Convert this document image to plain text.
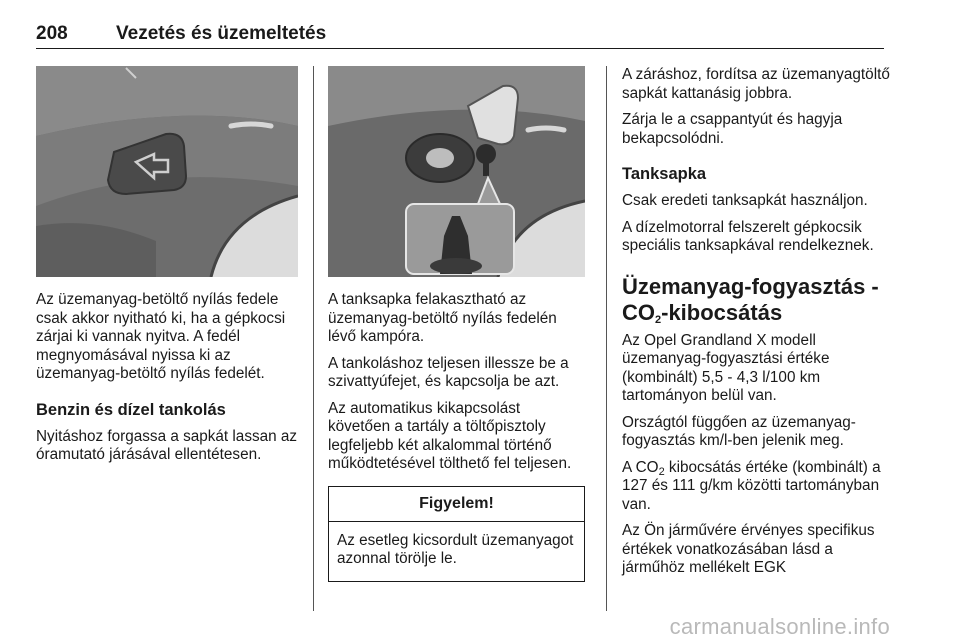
208	Vezetés és üzemeltetés

Az üzemanyag-betöltő nyílás fedele csak akkor nyitható ki, ha a gépkocsi zárjai ki vannak nyitva. A fedél megnyomásával nyissa ki az üzemanyag-betöltő nyílás fedelét.

Benzin és dízel tankolás

Nyitáshoz forgassa a sapkát lassan az óramutató járásával ellentétesen.

A tanksapka felakasztható az üzemanyag-betöltő nyílás fedelén lévő kampóra.

A tankoláshoz teljesen illessze be a szivattyúfejet, és kapcsolja be azt.

Az automatikus kikapcsolást követően a tartály a töltőpisztoly legfeljebb két alkalommal történő működtetésével tölthető fel teljesen.

Figyelem!

Az esetleg kicsordult üzemanyagot azonnal törölje le.

A záráshoz, fordítsa az üzemanyagtöltő sapkát kattanásig jobbra.

Zárja le a csappantyút és hagyja bekapcsolódni.

Tanksapka

Csak eredeti tanksapkát használjon.

A dízelmotorral felszerelt gépkocsik speciális tanksapkával rendelkeznek.

Üzemanyag-fogyasztás -
$CO_2$-kibocsátás

Az Opel Grandland X modell üzemanyag-fogyasztási értéke (kombinált) 5,5 - 4,3 l/100 km tartományon belül van.

Országtól függően az üzemanyag-fogyasztás km/l-ben jelenik meg.

A $CO_2$ kibocsátás értéke (kombinált) a 127 és 111 g/km közötti tartományban van.

Az Ön járművére érvényes specifikus értékek vonatkozásában lásd a járműhöz mellékelt EGK

carmanualsonline.info
